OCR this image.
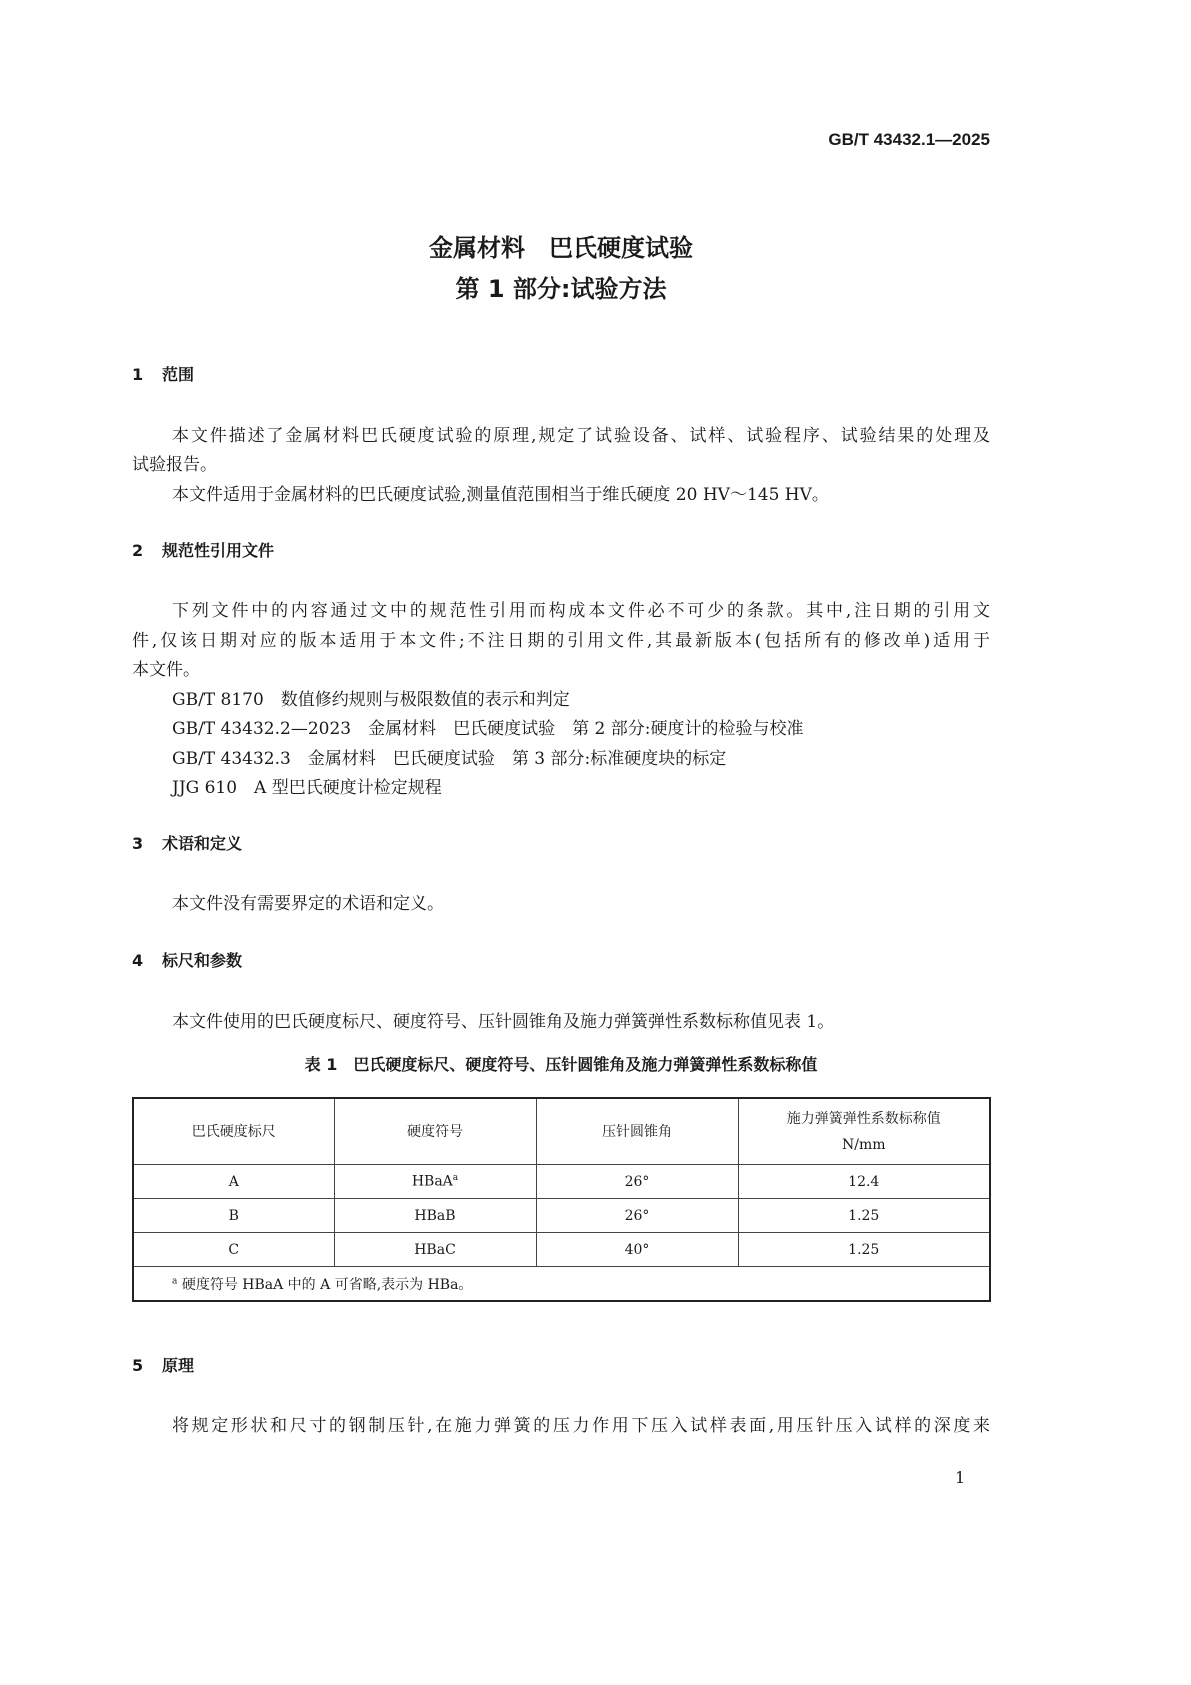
GB/T 43432.1—2025
金属材料　巴氏硬度试验
第 1 部分:试验方法
1 范围
本文件描述了金属材料巴氏硬度试验的原理,规定了试验设备、试样、试验程序、试验结果的处理及
试验报告。
本文件适用于金属材料的巴氏硬度试验,测量值范围相当于维氏硬度 20 HV～145 HV。
2 规范性引用文件
下列文件中的内容通过文中的规范性引用而构成本文件必不可少的条款。其中,注日期的引用文
件,仅该日期对应的版本适用于本文件;不注日期的引用文件,其最新版本(包括所有的修改单)适用于
本文件。
GB/T 8170　数值修约规则与极限数值的表示和判定
GB/T 43432.2—2023　金属材料　巴氏硬度试验　第 2 部分:硬度计的检验与校准
GB/T 43432.3　金属材料　巴氏硬度试验　第 3 部分:标准硬度块的标定
JJG 610　A 型巴氏硬度计检定规程
3 术语和定义
本文件没有需要界定的术语和定义。
4 标尺和参数
本文件使用的巴氏硬度标尺、硬度符号、压针圆锥角及施力弹簧弹性系数标称值见表 1。
表 1　巴氏硬度标尺、硬度符号、压针圆锥角及施力弹簧弹性系数标称值
巴氏硬度标尺	硬度符号	压针圆锥角	施力弹簧弹性系数标称值
N/mm

A	HBaA$^a$	26°	12.4
B	HBaB	26°	1.25
C	HBaC	40°	1.25
$^a$ 硬度符号 HBaA 中的 A 可省略,表示为 HBa。			
5 原理
将规定形状和尺寸的钢制压针,在施力弹簧的压力作用下压入试样表面,用压针压入试样的深度来
1
